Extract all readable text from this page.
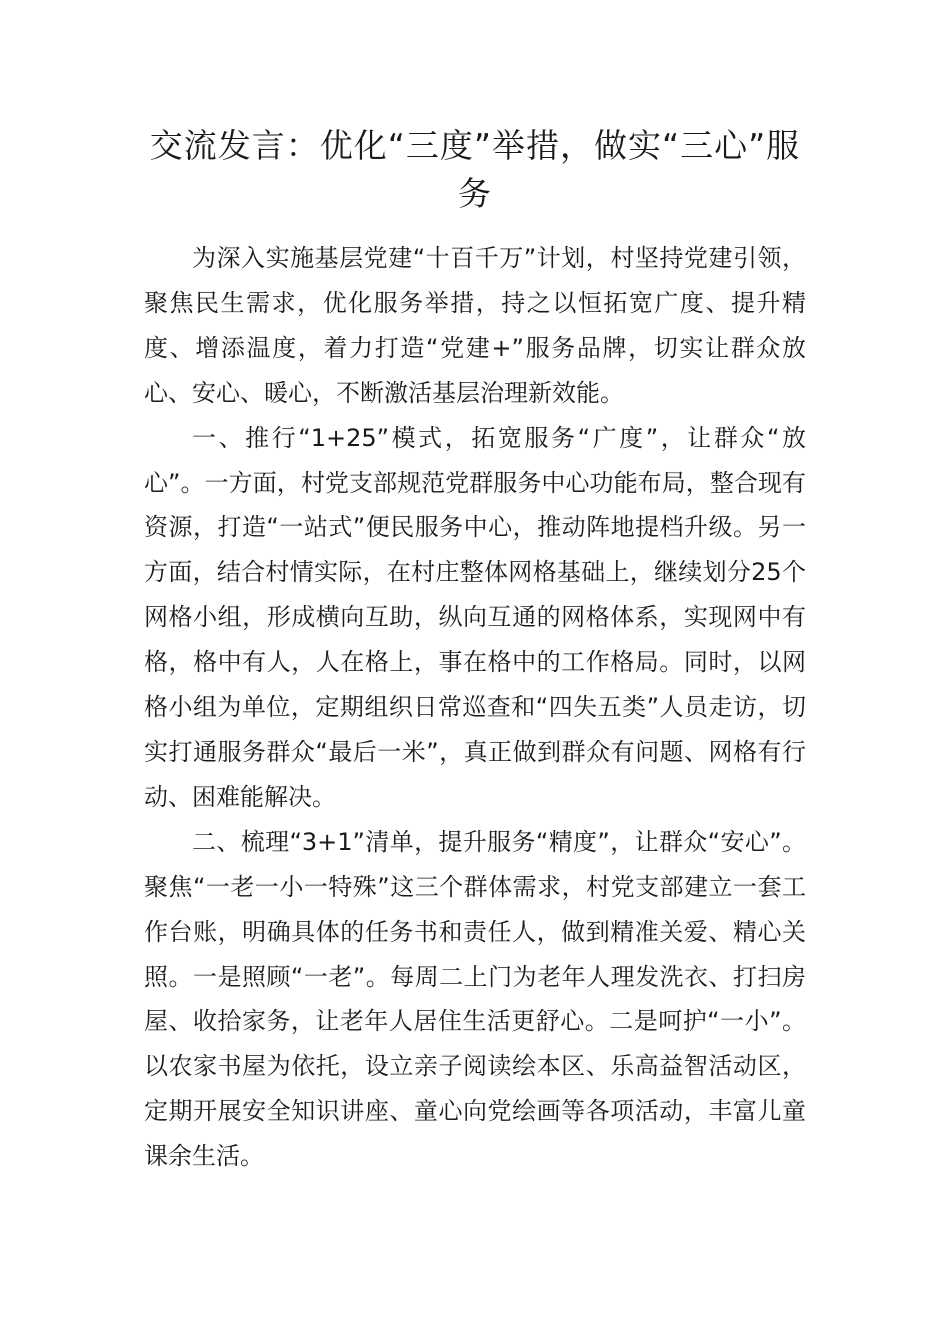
交流发言：优化“三度”举措，做实“三心”服务

为深入实施基层党建“十百千万”计划，村坚持党建引领，聚焦民生需求，优化服务举措，持之以恒拓宽广度、提升精度、增添温度，着力打造“党建+”服务品牌，切实让群众放心、安心、暖心，不断激活基层治理新效能。

一、推行“1+25”模式，拓宽服务“广度”，让群众“放心”。一方面，村党支部规范党群服务中心功能布局，整合现有资源，打造“一站式”便民服务中心，推动阵地提档升级。另一方面，结合村情实际，在村庄整体网格基础上，继续划分25个网格小组，形成横向互助，纵向互通的网格体系，实现网中有格，格中有人，人在格上，事在格中的工作格局。同时，以网格小组为单位，定期组织日常巡查和“四失五类”人员走访，切实打通服务群众“最后一米”，真正做到群众有问题、网格有行动、困难能解决。

二、梳理“3+1”清单，提升服务“精度”，让群众“安心”。聚焦“一老一小一特殊”这三个群体需求，村党支部建立一套工作台账，明确具体的任务书和责任人，做到精准关爱、精心关照。一是照顾“一老”。每周二上门为老年人理发洗衣、打扫房屋、收拾家务，让老年人居住生活更舒心。二是呵护“一小”。以农家书屋为依托，设立亲子阅读绘本区、乐高益智活动区，定期开展安全知识讲座、童心向党绘画等各项活动，丰富儿童课余生活。
